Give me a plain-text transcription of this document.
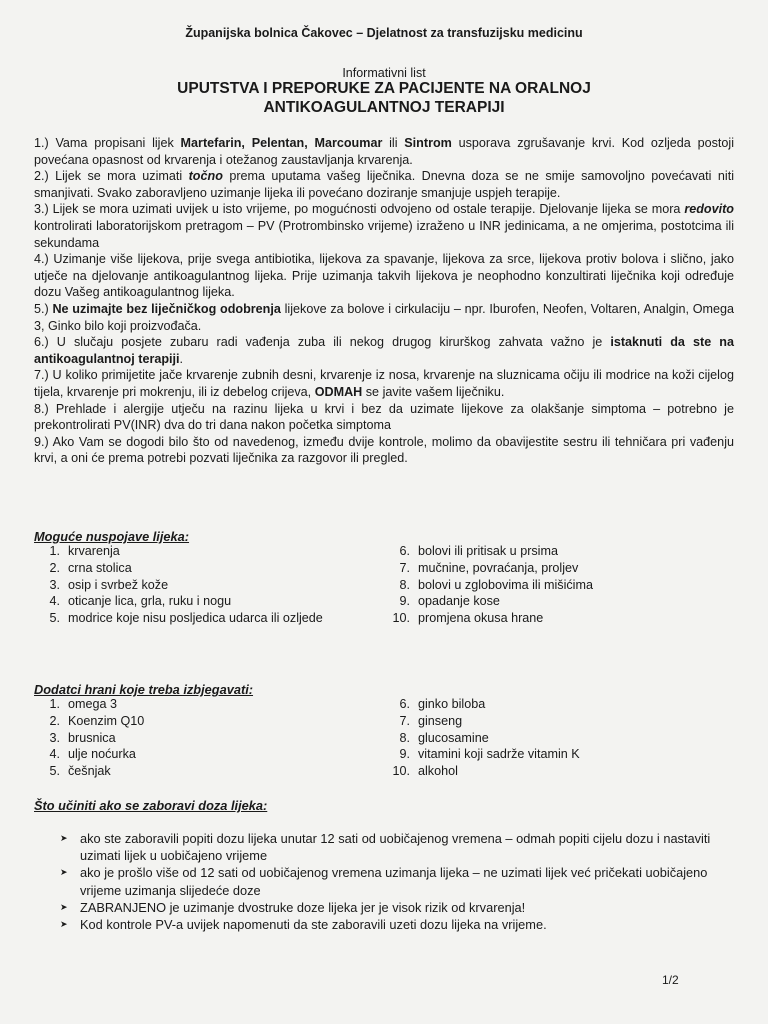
Županijska bolnica Čakovec – Djelatnost za transfuzijsku medicinu
Informativni list
UPUTSTVA I PREPORUKE ZA PACIJENTE NA ORALNOJ
ANTIKOAGULANTNOJ TERAPIJI

1.) Vama propisani lijek Martefarin, Pelentan, Marcoumar ili Sintrom usporava zgrušavanje krvi. Kod ozljeda postoji povećana opasnost od krvarenja i otežanog zaustavljanja krvarenja.

2.) Lijek se mora uzimati točno prema uputama vašeg liječnika. Dnevna doza se ne smije samovoljno povećavati niti smanjivati. Svako zaboravljeno uzimanje lijeka ili povećano doziranje smanjuje uspjeh terapije.

3.) Lijek se mora uzimati uvijek u isto vrijeme, po mogućnosti odvojeno od ostale terapije. Djelovanje lijeka se mora redovito kontrolirati laboratorijskom pretragom – PV (Protrombinsko vrijeme) izraženo u INR jedinicama, a ne omjerima, postotcima ili sekundama

4.) Uzimanje više lijekova, prije svega antibiotika, lijekova za spavanje, lijekova za srce, lijekova protiv bolova i slično, jako utječe na djelovanje antikoagulantnog lijeka. Prije uzimanja takvih lijekova je neophodno konzultirati liječnika koji određuje dozu Vašeg antikoagulantnog lijeka.

5.) Ne uzimajte bez liječničkog odobrenja lijekove za bolove i cirkulaciju – npr. Iburofen, Neofen, Voltaren, Analgin, Omega 3, Ginko bilo koji proizvođača.

6.) U slučaju posjete zubaru radi vađenja zuba ili nekog drugog kirurškog zahvata važno je istaknuti da ste na antikoagulantnoj terapiji.

7.) U koliko primijetite jače krvarenje zubnih desni, krvarenje iz nosa, krvarenje na sluznicama očiju ili modrice na koži cijelog tijela, krvarenje pri mokrenju, ili iz debelog crijeva, ODMAH se javite vašem liječniku.

8.) Prehlade i alergije utječu na razinu lijeka u krvi i bez da uzimate lijekove za olakšanje simptoma – potrebno je prekontrolirati PV(INR) dva do tri dana nakon početka simptoma

9.) Ako Vam se dogodi bilo što od navedenog, između dvije kontrole, molimo da obavijestite sestru ili tehničara pri vađenju krvi, a oni će prema potrebi pozvati liječnika za razgovor ili pregled.

Moguće nuspojave lijeka:
1. krvarenja
2. crna stolica
3. osip i svrbež kože
4. oticanje lica, grla, ruku i nogu
5. modrice koje nisu posljedica udarca ili ozljede
6. bolovi ili pritisak u prsima
7. mučnine, povraćanja, proljev
8. bolovi u zglobovima ili mišićima
9. opadanje kose
10. promjena okusa hrane
Dodatci hrani koje treba izbjegavati:
1. omega 3
2. Koenzim Q10
3. brusnica
4. ulje noćurka
5. češnjak
6. ginko biloba
7. ginseng
8. glucosamine
9. vitamini koji sadrže vitamin K
10. alkohol
Što učiniti ako se zaboravi doza lijeka:
➤ ako ste zaboravili popiti dozu lijeka unutar 12 sati od uobičajenog vremena – odmah popiti cijelu dozu i nastaviti uzimati lijek u uobičajeno vrijeme
➤ ako je prošlo više od 12 sati od uobičajenog vremena uzimanja lijeka – ne uzimati lijek već pričekati uobičajeno vrijeme uzimanja slijedeće doze
➤ ZABRANJENO je uzimanje dvostruke doze lijeka jer je visok rizik od krvarenja!
➤ Kod kontrole PV-a uvijek napomenuti da ste zaboravili uzeti dozu lijeka na vrijeme.
1/2
